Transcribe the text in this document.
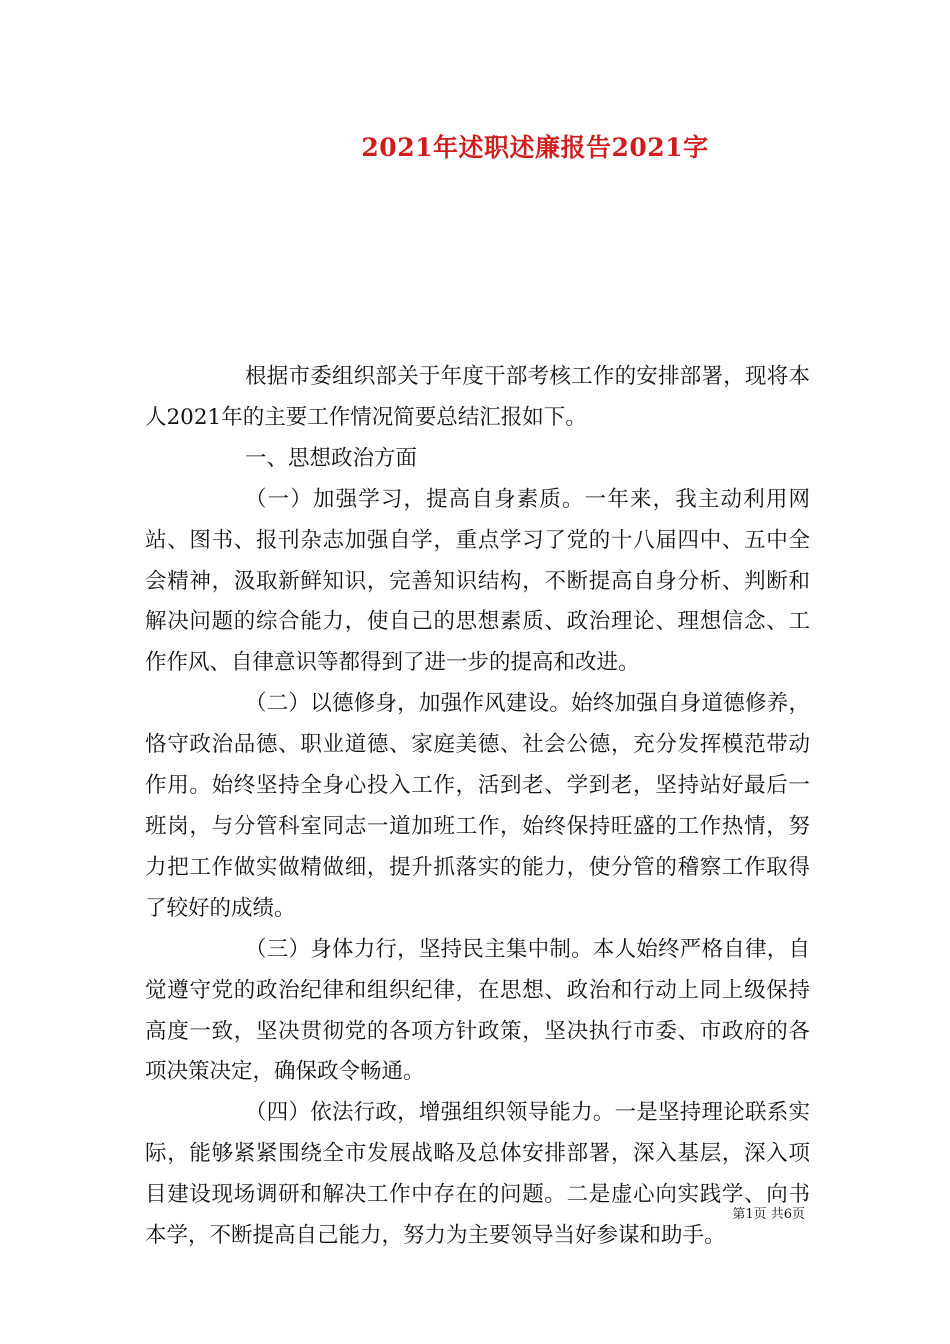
2021年述职述廉报告2021字

根据市委组织部关于年度干部考核工作的安排部署，现将本人2021年的主要工作情况简要总结汇报如下。

一、思想政治方面

（一）加强学习，提高自身素质。一年来，我主动利用网站、图书、报刊杂志加强自学，重点学习了党的十八届四中、五中全会精神，汲取新鲜知识，完善知识结构，不断提高自身分析、判断和解决问题的综合能力，使自己的思想素质、政治理论、理想信念、工作作风、自律意识等都得到了进一步的提高和改进。

（二）以德修身，加强作风建设。始终加强自身道德修养，恪守政治品德、职业道德、家庭美德、社会公德，充分发挥模范带动作用。始终坚持全身心投入工作，活到老、学到老，坚持站好最后一班岗，与分管科室同志一道加班工作，始终保持旺盛的工作热情，努力把工作做实做精做细，提升抓落实的能力，使分管的稽察工作取得了较好的成绩。

（三）身体力行，坚持民主集中制。本人始终严格自律，自觉遵守党的政治纪律和组织纪律，在思想、政治和行动上同上级保持高度一致，坚决贯彻党的各项方针政策，坚决执行市委、市政府的各项决策决定，确保政令畅通。

（四）依法行政，增强组织领导能力。一是坚持理论联系实际，能够紧紧围绕全市发展战略及总体安排部署，深入基层，深入项目建设现场调研和解决工作中存在的问题。二是虚心向实践学、向书本学，不断提高自己能力，努力为主要领导当好参谋和助手。

第1页 共6页
